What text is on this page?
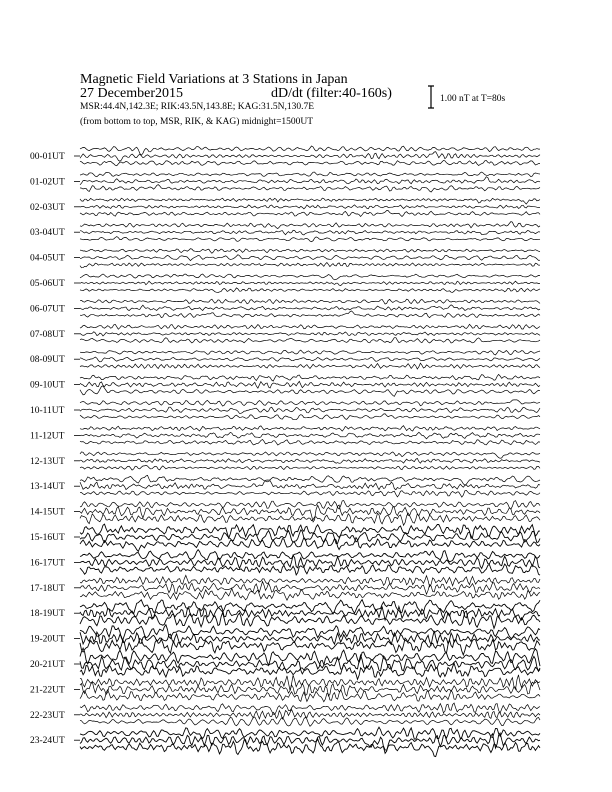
Magnetic Field Variations at 3 Stations in Japan
27 December2015	dD/dt (filter:40-160s)
MSR:44.4N,142.3E; RIK:43.5N,143.8E; KAG:31.5N,130.7E
(from bottom to top, MSR, RIK, & KAG) midnight=1500UT
1.00 nT at T=80s
00-01UT
01-02UT
02-03UT
03-04UT
04-05UT
05-06UT
06-07UT
07-08UT
08-09UT
09-10UT
10-11UT
11-12UT
12-13UT
13-14UT
14-15UT
15-16UT
16-17UT
17-18UT
18-19UT
19-20UT
20-21UT
21-22UT
22-23UT
23-24UT
